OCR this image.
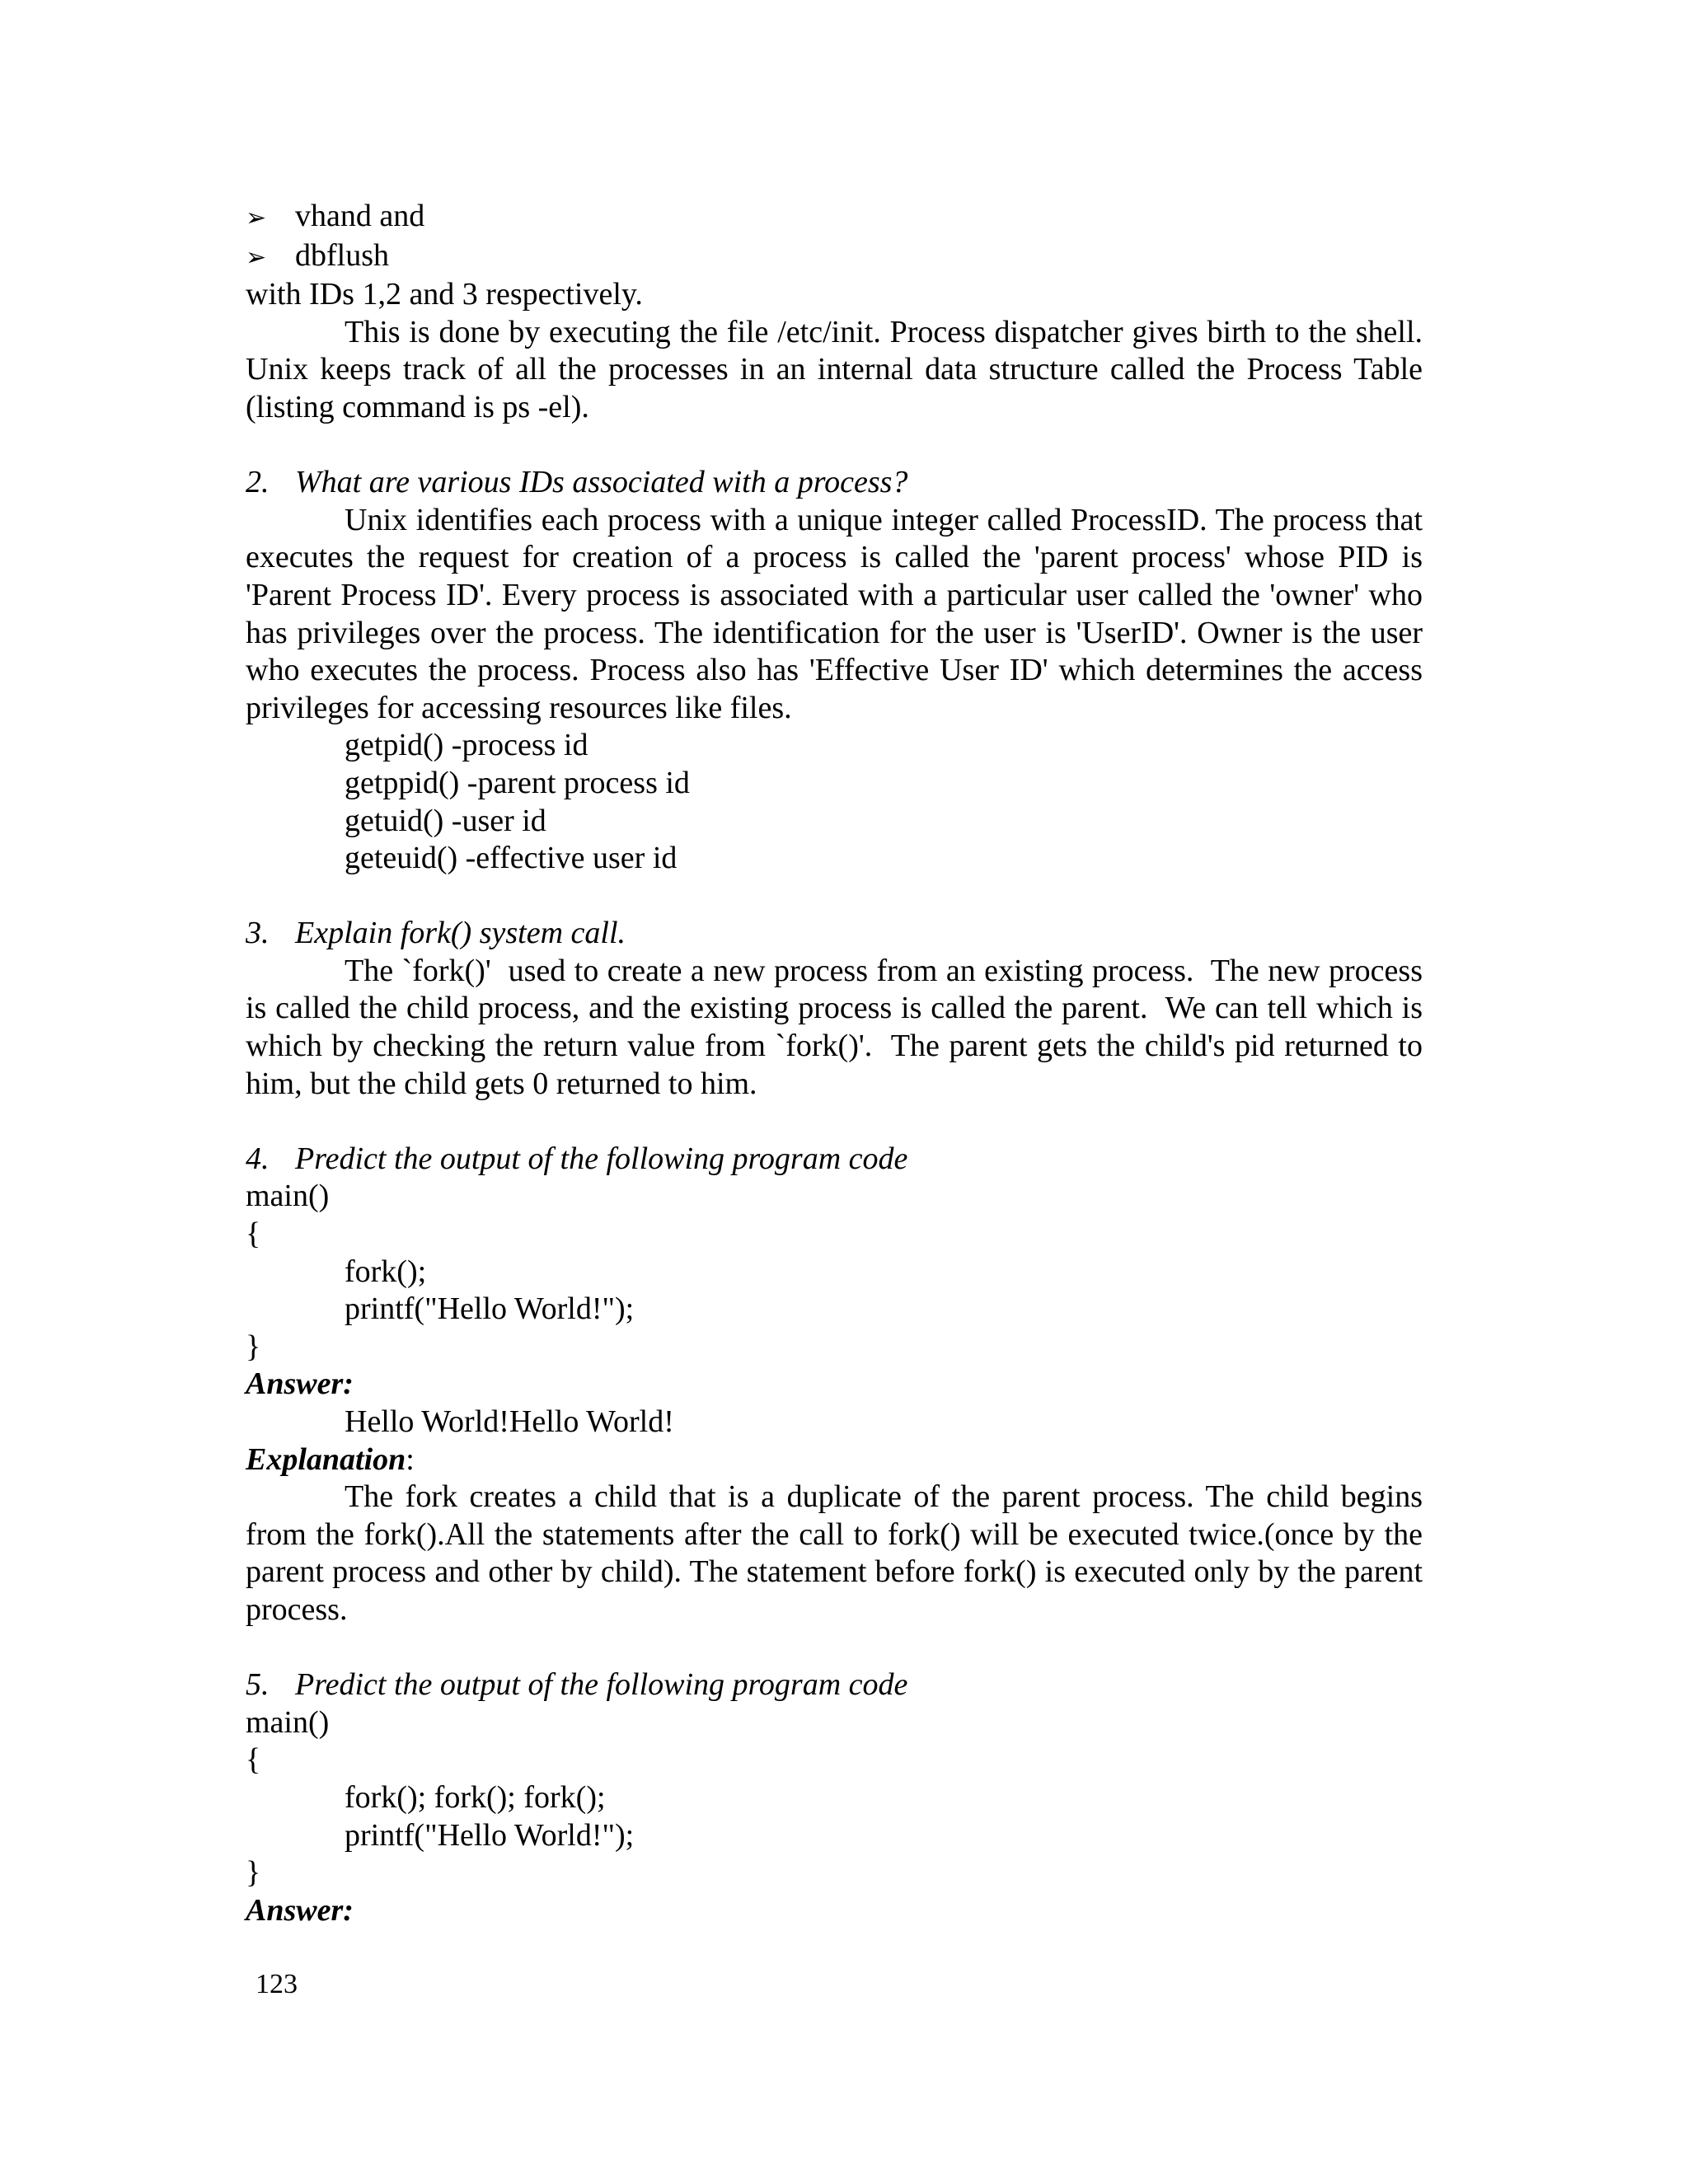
➢ vhand and
➢ dbflush
with IDs 1,2 and 3 respectively.
This is done by executing the file /etc/init. Process dispatcher gives birth to the shell. Unix keeps track of all the processes in an internal data structure called the Process Table (listing command is ps -el).
2. What are various IDs associated with a process?
Unix identifies each process with a unique integer called ProcessID. The process that executes the request for creation of a process is called the 'parent process' whose PID is 'Parent Process ID'. Every process is associated with a particular user called the 'owner' who has privileges over the process. The identification for the user is 'UserID'. Owner is the user who executes the process. Process also has 'Effective User ID' which determines the access privileges for accessing resources like files.
getpid() -process id
getppid() -parent process id
getuid() -user id
geteuid() -effective user id
3. Explain fork() system call.
The `fork()'  used to create a new process from an existing process.  The new process is called the child process, and the existing process is called the parent.  We can tell which is which by checking the return value from `fork()'.  The parent gets the child's pid returned to him, but the child gets 0 returned to him.
4. Predict the output of the following program code
main()
{
fork();
printf("Hello World!");
}
Answer:
Hello World!Hello World!
Explanation:
The fork creates a child that is a duplicate of the parent process. The child begins from the fork().All the statements after the call to fork() will be executed twice.(once by the parent process and other by child). The statement before fork() is executed only by the parent process.
5. Predict the output of the following program code
main()
{
fork(); fork(); fork();
printf("Hello World!");
}
Answer:
123
